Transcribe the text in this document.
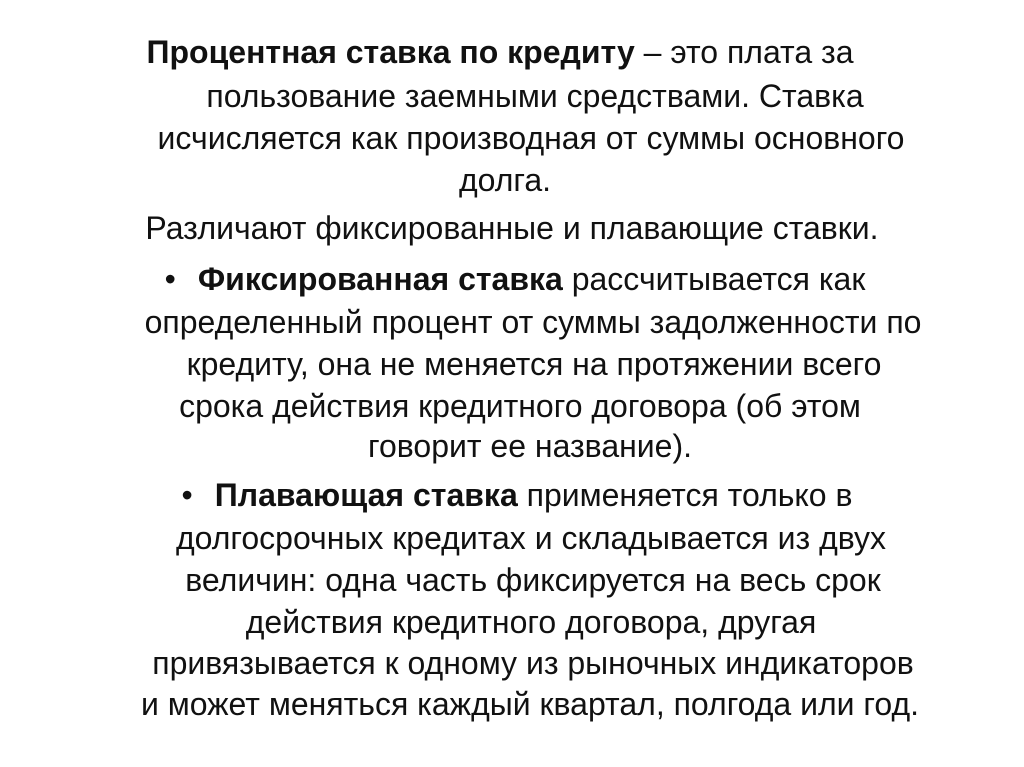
Процентная ставка по кредиту – это плата за
пользование заемными средствами. Ставка
исчисляется как производная от суммы основного
долга.
Различают фиксированные и плавающие ставки.
• Фиксированная ставка рассчитывается как
определенный процент от суммы задолженности по
кредиту, она не меняется на протяжении всего
срока действия кредитного договора (об этом
говорит ее название).
• Плавающая ставка применяется только в
долгосрочных кредитах и складывается из двух
величин: одна часть фиксируется на весь срок
действия кредитного договора, другая
привязывается к одному из рыночных индикаторов
и может меняться каждый квартал, полгода или год.
